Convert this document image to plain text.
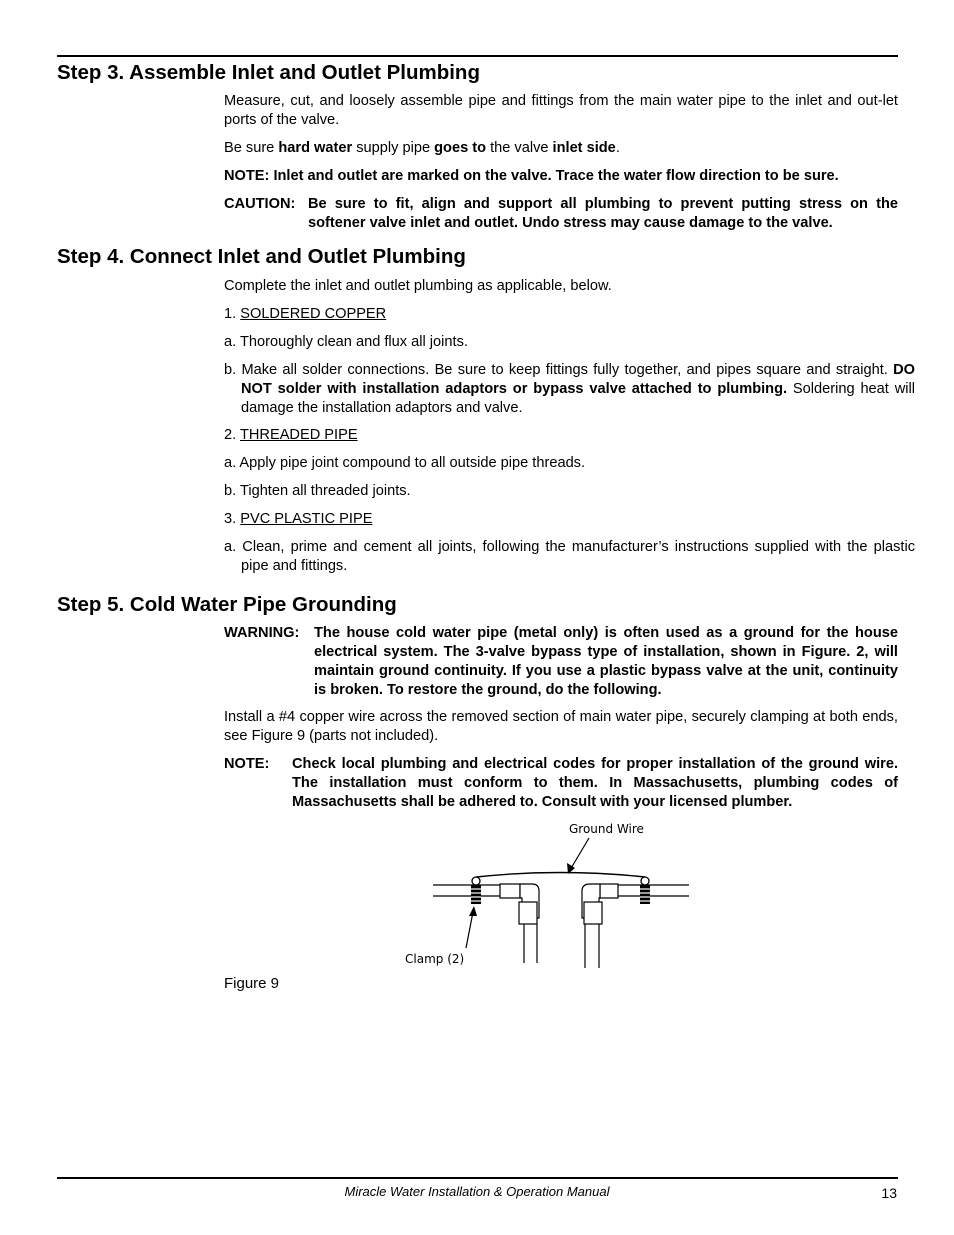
Step 3. Assemble Inlet and Outlet Plumbing

Measure, cut, and loosely assemble pipe and fittings from the main water pipe to the inlet and out-let ports of the valve.

Be sure hard water supply pipe goes to the valve inlet side.

NOTE: Inlet and outlet are marked on the valve. Trace the water flow direction to be sure.

CAUTION: Be sure to fit, align and support all plumbing to prevent putting stress on the softener valve inlet and outlet. Undo stress may cause damage to the valve.
Step 4. Connect Inlet and Outlet Plumbing

Complete the inlet and outlet plumbing as applicable, below.

1. SOLDERED COPPER

a. Thoroughly clean and flux all joints.

b. Make all solder connections. Be sure to keep fittings fully together, and pipes square and straight. DO NOT solder with installation adaptors or bypass valve attached to plumbing. Soldering heat will damage the installation adaptors and valve.

2. THREADED PIPE

a. Apply pipe joint compound to all outside pipe threads.

b. Tighten all threaded joints.

3. PVC PLASTIC PIPE

a. Clean, prime and cement all joints, following the manufacturer’s instructions supplied with the plastic pipe and fittings.

Step 5. Cold Water Pipe Grounding
WARNING: The house cold water pipe (metal only) is often used as a ground for the house electrical system. The 3-valve bypass type of installation, shown in Figure. 2, will maintain ground continuity. If you use a plastic bypass valve at the unit, continuity is broken. To restore the ground, do the following.

Install a #4 copper wire across the removed section of main water pipe, securely clamping at both ends, see Figure 9 (parts not included).

NOTE:	Check local plumbing and electrical codes for proper installation of the ground wire. The installation must conform to them. In Massachusetts, plumbing codes of Massachusetts shall be adhered to. Consult with your licensed plumber.
Ground Wire
Clamp (2)
Figure 9
Miracle Water Installation & Operation Manual	13
